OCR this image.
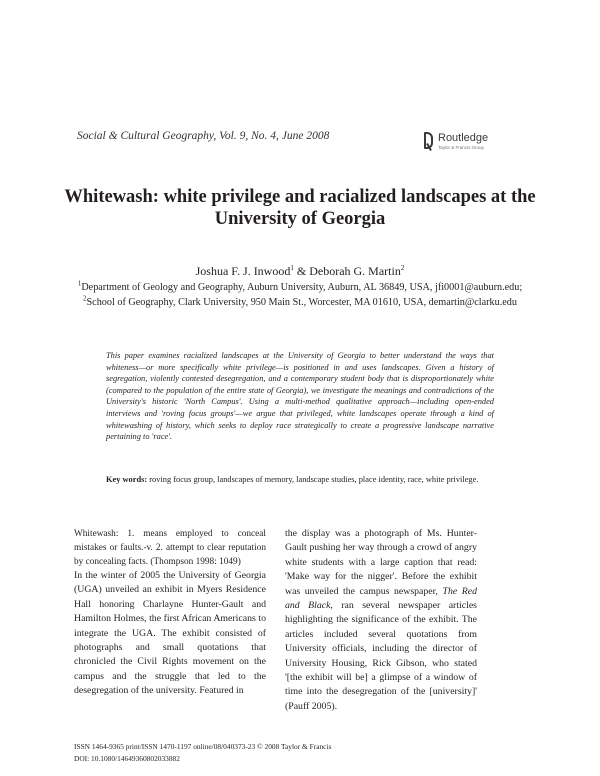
Social & Cultural Geography, Vol. 9, No. 4, June 2008	Routledge
Taylor & Francis Group
Whitewash: white privilege and racialized landscapes at the University of Georgia
Joshua F. J. Inwood$^1$ & Deborah G. Martin$^2$
$^1$Department of Geology and Geography, Auburn University, Auburn, AL 36849, USA, jfi0001@auburn.edu; $^2$School of Geography, Clark University, 950 Main St., Worcester, MA 01610, USA, demartin@clarku.edu
This paper examines racialized landscapes at the University of Georgia to better understand the ways that whiteness—or more specifically white privilege—is positioned in and uses landscapes. Given a history of segregation, violently contested desegregation, and a contemporary student body that is disproportionately white (compared to the population of the entire state of Georgia), we investigate the meanings and contradictions of the University's historic 'North Campus'. Using a multi-method qualitative approach—including open-ended interviews and 'roving focus groups'—we argue that privileged, white landscapes operate through a kind of whitewashing of history, which seeks to deploy race strategically to create a progressive landscape narrative pertaining to 'race'.
Key words: roving focus group, landscapes of memory, landscape studies, place identity, race, white privilege.

Whitewash: 1. means employed to conceal mistakes or faults.-v. 2. attempt to clear reputation by concealing facts. (Thompson 1998: 1049)

In the winter of 2005 the University of Georgia (UGA) unveiled an exhibit in Myers Residence Hall honoring Charlayne Hunter-Gault and Hamilton Holmes, the first African Americans to integrate the UGA. The exhibit consisted of photographs and small quotations that chronicled the Civil Rights movement on the campus and the struggle that led to the desegregation of the university. Featured in

the display was a photograph of Ms. Hunter-Gault pushing her way through a crowd of angry white students with a large caption that read: 'Make way for the nigger'. Before the exhibit was unveiled the campus newspaper, The Red and Black, ran several newspaper articles highlighting the significance of the exhibit. The articles included several quotations from University officials, including the director of University Housing, Rick Gibson, who stated '[the exhibit will be] a glimpse of a window of time into the desegregation of the [university]' (Pauff 2005).

ISSN 1464-9365 print/ISSN 1470-1197 online/08/040373-23 © 2008 Taylor & Francis
DOI: 10.1080/14649360802033882
